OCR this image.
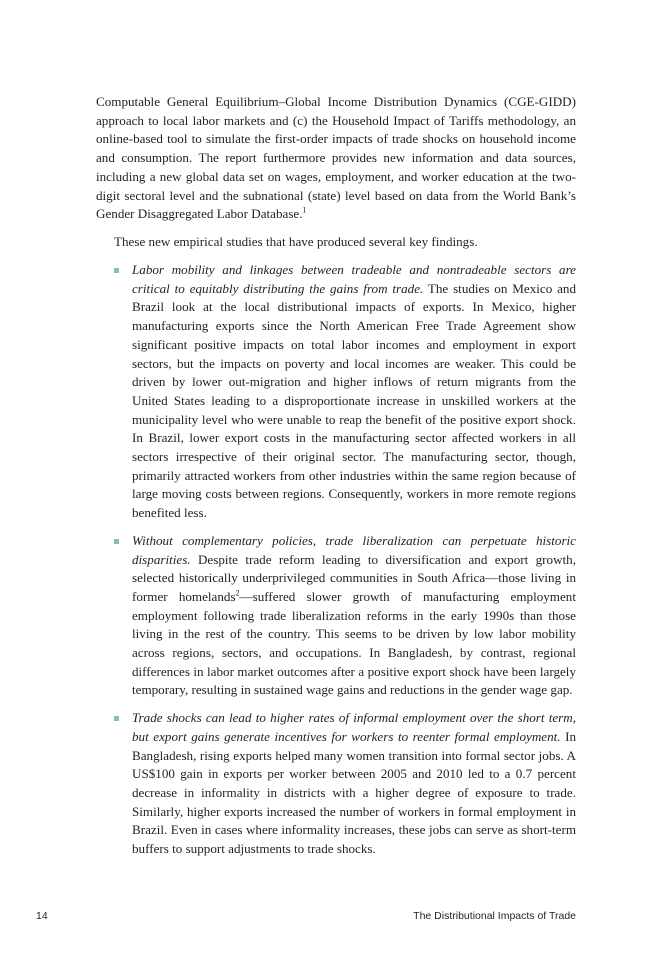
Computable General Equilibrium–Global Income Distribution Dynamics (CGE-GIDD) approach to local labor markets and (c) the Household Impact of Tariffs methodology, an online-based tool to simulate the first-order impacts of trade shocks on household income and consumption. The report furthermore provides new information and data sources, including a new global data set on wages, employment, and worker education at the two-digit sectoral level and the subnational (state) level based on data from the World Bank’s Gender Disaggregated Labor Database.$^1$

These new empirical studies that have produced several key findings.

Labor mobility and linkages between tradeable and nontradeable sectors are critical to equitably distributing the gains from trade. The studies on Mexico and Brazil look at the local distributional impacts of exports. In Mexico, higher manufacturing exports since the North American Free Trade Agreement show significant positive impacts on total labor incomes and employment in export sectors, but the impacts on poverty and local incomes are weaker. This could be driven by lower out-migration and higher inflows of return migrants from the United States leading to a disproportionate increase in unskilled workers at the municipality level who were unable to reap the benefit of the positive export shock. In Brazil, lower export costs in the manufacturing sector affected workers in all sectors irrespective of their original sector. The manufacturing sector, though, primarily attracted workers from other industries within the same region because of large moving costs between regions. Consequently, workers in more remote regions benefited less.
Without complementary policies, trade liberalization can perpetuate historic disparities. Despite trade reform leading to diversification and export growth, selected historically underprivileged communities in South Africa—those living in former homelands$^2$—suffered slower growth of manufacturing employment employment following trade liberalization reforms in the early 1990s than those living in the rest of the country. This seems to be driven by low labor mobility across regions, sectors, and occupations. In Bangladesh, by contrast, regional differences in labor market outcomes after a positive export shock have been largely temporary, resulting in sustained wage gains and reductions in the gender wage gap.
Trade shocks can lead to higher rates of informal employment over the short term, but export gains generate incentives for workers to reenter formal employment. In Bangladesh, rising exports helped many women transition into formal sector jobs. A US$100 gain in exports per worker between 2005 and 2010 led to a 0.7 percent decrease in informality in districts with a higher degree of exposure to trade. Similarly, higher exports increased the number of workers in formal employment in Brazil. Even in cases where informality increases, these jobs can serve as short-term buffers to support adjustments to trade shocks.
14	The Distributional Impacts of Trade
